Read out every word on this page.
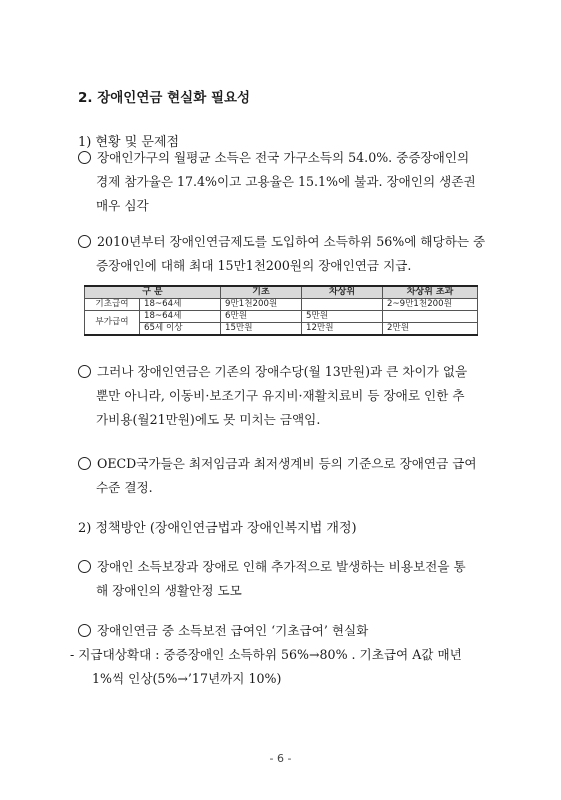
2. 장애인연금 현실화 필요성
1) 현황 및 문제점
장애인가구의 월평균 소득은 전국 가구소득의 54.0%. 중증장애인의
경제 참가율은 17.4%이고 고용율은 15.1%에 불과. 장애인의 생존권
매우 심각
2010년부터 장애인연금제도를 도입하여 소득하위 56%에 해당하는 중
증장애인에 대해 최대 15만1천200원의 장애인연금 지급.
구 분		기초	차상위	차상위 초과
기초급여	18~64세	9만1천200원		2~9만1천200원
부가급여	18~64세	6만원	5만원	
	65세 이상	15만원	12만원	2만원
그러나 장애인연금은 기존의 장애수당(월 13만원)과 큰 차이가 없을
뿐만 아니라, 이동비·보조기구 유지비·재활치료비 등 장애로 인한 추
가비용(월21만원)에도 못 미치는 금액임.
OECD국가들은 최저임금과 최저생계비 등의 기준으로 장애연금 급여
수준 결정.
2) 정책방안 (장애인연금법과 장애인복지법 개정)
장애인 소득보장과 장애로 인해 추가적으로 발생하는 비용보전을 통
해 장애인의 생활안정 도모
장애인연금 중 소득보전 급여인 ‘기초급여’ 현실화
- 지급대상확대 : 중증장애인 소득하위 56%→80% . 기초급여 A값 매년
1%씩 인상(5%→’17년까지 10%)
- 6 -
